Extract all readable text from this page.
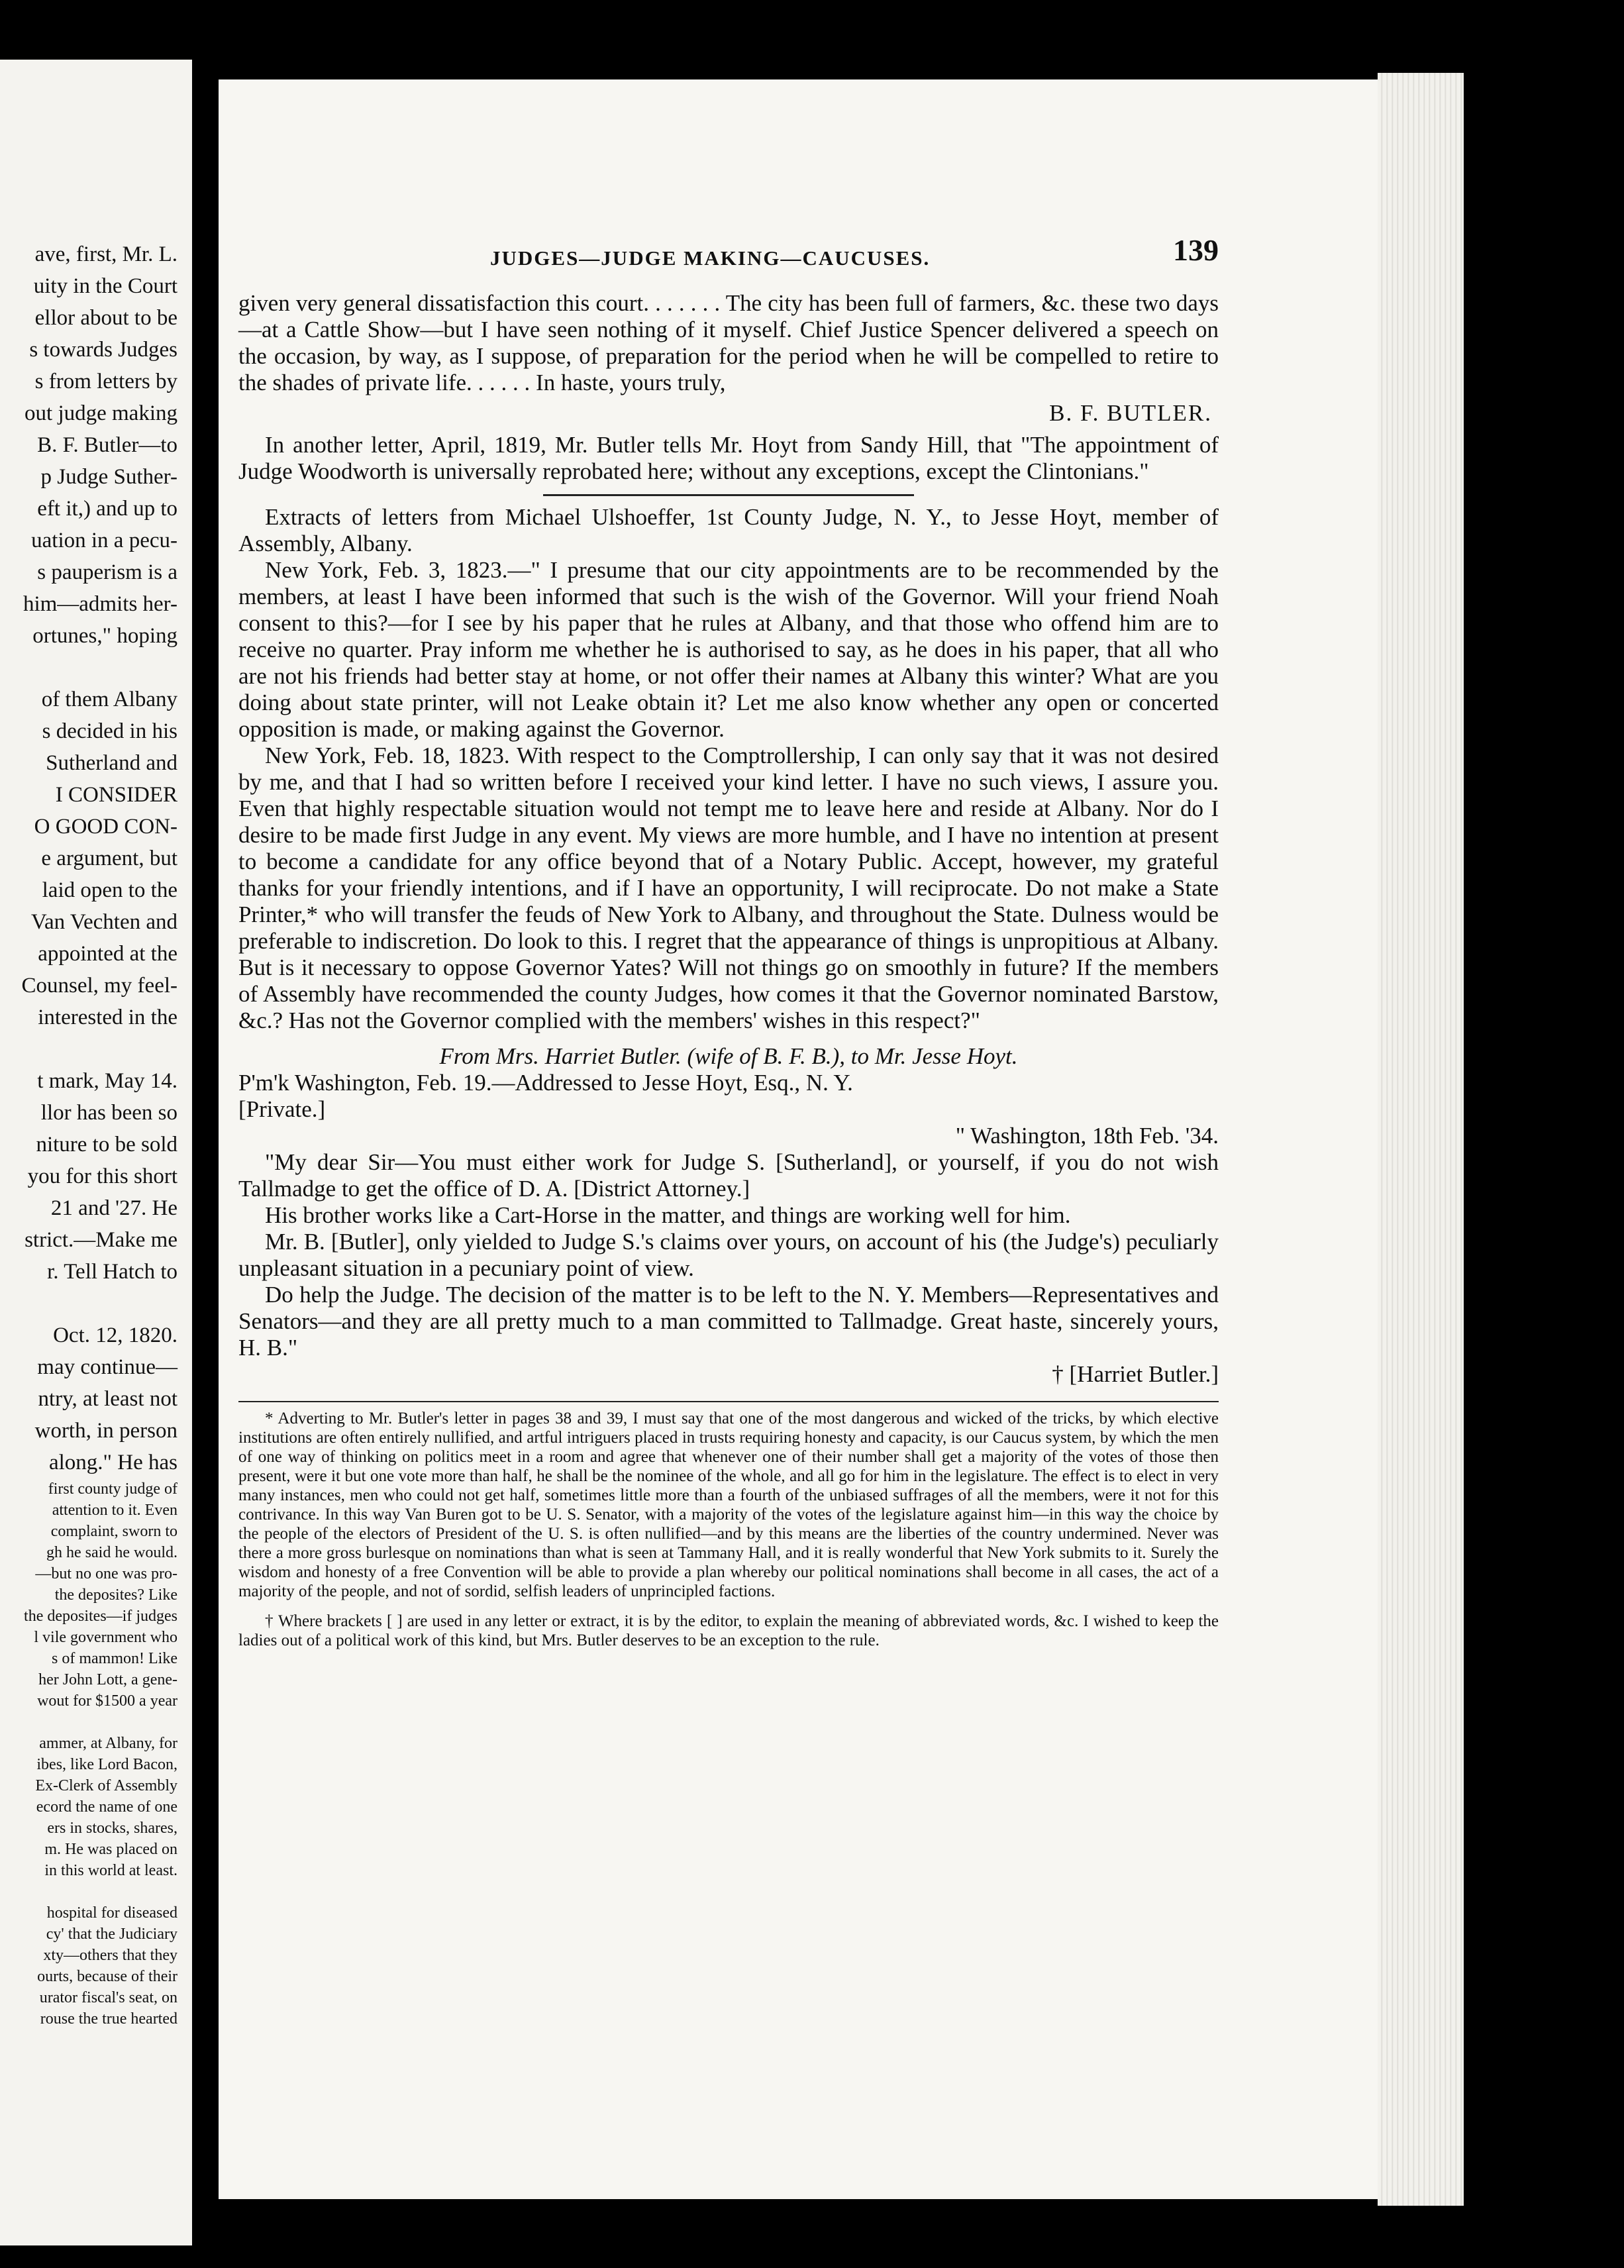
ave, first, Mr. L.
uity in the Court
ellor about to be
s towards Judges
s from letters by
out judge making
B. F. Butler—to
p Judge Suther-
eft it,) and up to
uation in a pecu-
s pauperism is a
him—admits her-
ortunes," hoping
of them Albany
s decided in his
Sutherland and
I CONSIDER
O GOOD CON-
e argument, but
laid open to the
Van Vechten and
appointed at the
Counsel, my feel-
interested in the
t mark, May 14.
llor has been so
niture to be sold
you for this short
21 and '27. He
strict.—Make me
r. Tell Hatch to
Oct. 12, 1820.
may continue—
ntry, at least not
worth, in person
along." He has
first county judge of
attention to it. Even
complaint, sworn to
gh he said he would.
—but no one was pro-
the deposites? Like
the deposites—if judges
l vile government who
s of mammon! Like
her John Lott, a gene-
wout for $1500 a year
ammer, at Albany, for
ibes, like Lord Bacon,
Ex-Clerk of Assembly
ecord the name of one
ers in stocks, shares,
m. He was placed on
in this world at least.
hospital for diseased
cy' that the Judiciary
xty—others that they
ourts, because of their
urator fiscal's seat, on
rouse the true hearted
JUDGES—JUDGE MAKING—CAUCUSES.	139

given very general dissatisfaction this court. . . . . . . The city has been full of farmers, &c. these two days—at a Cattle Show—but I have seen nothing of it myself. Chief Justice Spencer delivered a speech on the occasion, by way, as I suppose, of preparation for the period when he will be compelled to retire to the shades of private life. . . . . . In haste, yours truly,

B. F. BUTLER.

In another letter, April, 1819, Mr. Butler tells Mr. Hoyt from Sandy Hill, that "The appointment of Judge Woodworth is universally reprobated here; without any exceptions, except the Clintonians."

Extracts of letters from Michael Ulshoeffer, 1st County Judge, N. Y., to Jesse Hoyt, member of Assembly, Albany.

New York, Feb. 3, 1823.—" I presume that our city appointments are to be recommended by the members, at least I have been informed that such is the wish of the Governor. Will your friend Noah consent to this?—for I see by his paper that he rules at Albany, and that those who offend him are to receive no quarter. Pray inform me whether he is authorised to say, as he does in his paper, that all who are not his friends had better stay at home, or not offer their names at Albany this winter? What are you doing about state printer, will not Leake obtain it? Let me also know whether any open or concerted opposition is made, or making against the Governor.

New York, Feb. 18, 1823. With respect to the Comptrollership, I can only say that it was not desired by me, and that I had so written before I received your kind letter. I have no such views, I assure you. Even that highly respectable situation would not tempt me to leave here and reside at Albany. Nor do I desire to be made first Judge in any event. My views are more humble, and I have no intention at present to become a candidate for any office beyond that of a Notary Public. Accept, however, my grateful thanks for your friendly intentions, and if I have an opportunity, I will reciprocate. Do not make a State Printer,* who will transfer the feuds of New York to Albany, and throughout the State. Dulness would be preferable to indiscretion. Do look to this. I regret that the appearance of things is unpropitious at Albany. But is it necessary to oppose Governor Yates? Will not things go on smoothly in future? If the members of Assembly have recommended the county Judges, how comes it that the Governor nominated Barstow, &c.? Has not the Governor complied with the members' wishes in this respect?"

From Mrs. Harriet Butler. (wife of B. F. B.), to Mr. Jesse Hoyt.

P'm'k Washington, Feb. 19.—Addressed to Jesse Hoyt, Esq., N. Y.

[Private.]

" Washington, 18th Feb. '34.

"My dear Sir—You must either work for Judge S. [Sutherland], or yourself, if you do not wish Tallmadge to get the office of D. A. [District Attorney.]

His brother works like a Cart-Horse in the matter, and things are working well for him.

Mr. B. [Butler], only yielded to Judge S.'s claims over yours, on account of his (the Judge's) peculiarly unpleasant situation in a pecuniary point of view.

Do help the Judge. The decision of the matter is to be left to the N. Y. Members—Representatives and Senators—and they are all pretty much to a man committed to Tallmadge. Great haste, sincerely yours, H. B."

† [Harriet Butler.]

* Adverting to Mr. Butler's letter in pages 38 and 39, I must say that one of the most dangerous and wicked of the tricks, by which elective institutions are often entirely nullified, and artful intriguers placed in trusts requiring honesty and capacity, is our Caucus system, by which the men of one way of thinking on politics meet in a room and agree that whenever one of their number shall get a majority of the votes of those then present, were it but one vote more than half, he shall be the nominee of the whole, and all go for him in the legislature. The effect is to elect in very many instances, men who could not get half, sometimes little more than a fourth of the unbiased suffrages of all the members, were it not for this contrivance. In this way Van Buren got to be U. S. Senator, with a majority of the votes of the legislature against him—in this way the choice by the people of the electors of President of the U. S. is often nullified—and by this means are the liberties of the country undermined. Never was there a more gross burlesque on nominations than what is seen at Tammany Hall, and it is really wonderful that New York submits to it. Surely the wisdom and honesty of a free Convention will be able to provide a plan whereby our political nominations shall become in all cases, the act of a majority of the people, and not of sordid, selfish leaders of unprincipled factions.

† Where brackets [ ] are used in any letter or extract, it is by the editor, to explain the meaning of abbreviated words, &c. I wished to keep the ladies out of a political work of this kind, but Mrs. Butler deserves to be an exception to the rule.
